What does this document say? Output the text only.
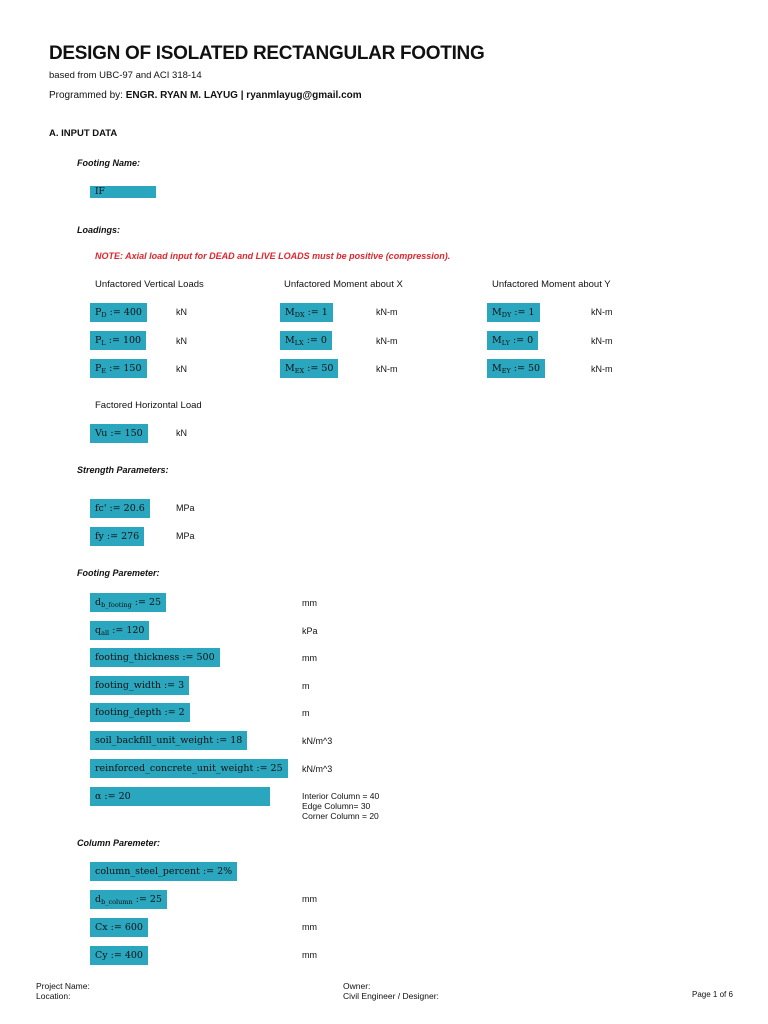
DESIGN OF ISOLATED RECTANGULAR FOOTING
based from UBC-97 and ACI 318-14
Programmed by: ENGR. RYAN M. LAYUG | ryanmlayug@gmail.com
A. INPUT DATA
Footing Name:
IF
Loadings:
NOTE: Axial load input for DEAD and LIVE LOADS must be positive (compression).
Unfactored Vertical Loads	Unfactored Moment about X	Unfactored Moment about Y
$P_D$ := 400	kN	$M_{DX}$ := 1	kN-m	$M_{DY}$ := 1	kN-m
$P_L$ := 100	kN	$M_{LX}$ := 0	kN-m	$M_{LY}$ := 0	kN-m
$P_E$ := 150	kN	$M_{EX}$ := 50	kN-m	$M_{EY}$ := 50	kN-m
Factored Horizontal Load
Vu := 150	kN
Strength Parameters:
fc' := 20.6	MPa
fy := 276	MPa
Footing Paremeter:
$d_{b\_footing}$ := 25	mm
$q_{all}$ := 120	kPa
footing_thickness := 500	mm
footing_width := 3	m
footing_depth := 2	m
soil_backfill_unit_weight := 18	kN/m^3
reinforced_concrete_unit_weight := 25	kN/m^3
α := 20	Interior Column = 40
Edge Column= 30
Corner Column = 20
Column Paremeter:
column_steel_percent := 2%
$d_{b\_column}$ := 25	mm
Cx := 600	mm
Cy := 400	mm
Project Name:
Location:
Owner:
Civil Engineer / Designer:	Page 1 of 6
